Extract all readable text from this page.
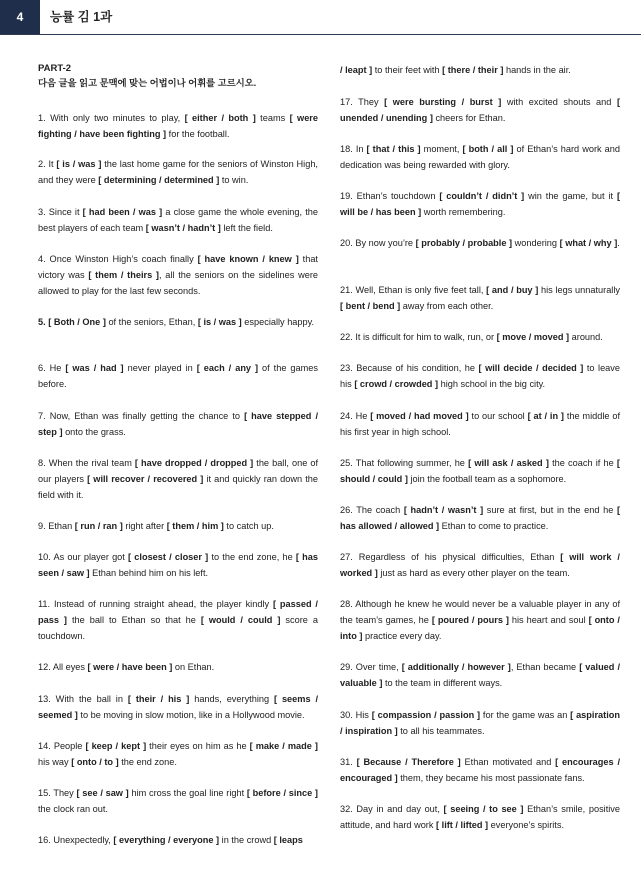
4	능률 김 1과
PART-2
다음 글을 읽고 문맥에 맞는 어법이나 어휘를 고르시오.
1. With only two minutes to play, [ either / both ] teams [ were fighting / have been fighting ] for the football.
2. It [ is / was ] the last home game for the seniors of Winston High, and they were [ determining / determined ] to win.
3. Since it [ had been / was ] a close game the whole evening, the best players of each team [ wasn’t / hadn’t ] left the field.
4. Once Winston High’s coach finally [ have known / knew ] that victory was [ them / theirs ], all the seniors on the sidelines were allowed to play for the last few seconds.
5. [ Both / One ] of the seniors, Ethan, [ is / was ] especially happy.
6. He [ was / had ] never played in [ each / any ] of the games before.
7. Now, Ethan was finally getting the chance to [ have stepped / step ] onto the grass.
8. When the rival team [ have dropped / dropped ] the ball, one of our players [ will recover / recovered ] it and quickly ran down the field with it.
9. Ethan [ run / ran ] right after [ them / him ] to catch up.
10. As our player got [ closest / closer ] to the end zone, he [ has seen / saw ] Ethan behind him on his left.
11. Instead of running straight ahead, the player kindly [ passed / pass ] the ball to Ethan so that he [ would / could ] score a touchdown.
12. All eyes [ were / have been ] on Ethan.
13. With the ball in [ their / his ] hands, everything [ seems / seemed ] to be moving in slow motion, like in a Hollywood movie.
14. People [ keep / kept ] their eyes on him as he [ make / made ] his way [ onto / to ] the end zone.
15. They [ see / saw ] him cross the goal line right [ before / since ] the clock ran out.
16. Unexpectedly, [ everything / everyone ] in the crowd [ leaps
/ leapt ] to their feet with [ there / their ] hands in the air.
17. They [ were bursting / burst ] with excited shouts and [ unended / unending ] cheers for Ethan.
18. In [ that / this ] moment, [ both / all ] of Ethan’s hard work and dedication was being rewarded with glory.
19. Ethan’s touchdown [ couldn’t / didn’t ] win the game, but it [ will be / has been ] worth remembering.
20. By now you’re [ probably / probable ] wondering [ what / why ].
21. Well, Ethan is only five feet tall, [ and / buy ] his legs unnaturally [ bent / bend ] away from each other.
22. It is difficult for him to walk, run, or [ move / moved ] around.
23. Because of his condition, he [ will decide / decided ] to leave his [ crowd / crowded ] high school in the big city.
24. He [ moved / had moved ] to our school [ at / in ] the middle of his first year in high school.
25. That following summer, he [ will ask / asked ] the coach if he [ should / could ] join the football team as a sophomore.
26. The coach [ hadn’t / wasn’t ] sure at first, but in the end he [ has allowed / allowed ] Ethan to come to practice.
27. Regardless of his physical difficulties, Ethan [ will work / worked ] just as hard as every other player on the team.
28. Although he knew he would never be a valuable player in any of the team’s games, he [ poured / pours ] his heart and soul [ onto / into ] practice every day.
29. Over time, [ additionally / however ], Ethan became [ valued / valuable ] to the team in different ways.
30. His [ compassion / passion ] for the game was an [ aspiration / inspiration ] to all his teammates.
31. [ Because / Therefore ] Ethan motivated and [ encourages / encouraged ] them, they became his most passionate fans.
32. Day in and day out, [ seeing / to see ] Ethan’s smile, positive attitude, and hard work [ lift / lifted ] everyone’s spirits.
